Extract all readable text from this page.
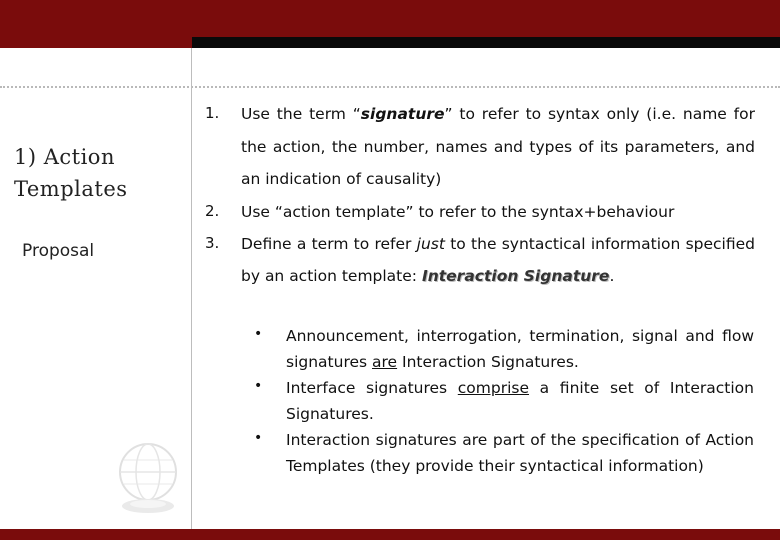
1) Action
Templates
Proposal
1. Use the term “signature” to refer to syntax only (i.e. name for
the action, the number, names and types of its parameters, and
an indication of causality)
2. Use “action template” to refer to the syntax+behaviour
3. Define a term to refer just to the syntactical information specified
by an action template: Interaction Signature.
• Announcement, interrogation, termination, signal and flow
signatures are Interaction Signatures.
• Interface signatures comprise a finite set of Interaction
Signatures.
• Interaction signatures are part of the specification of Action
Templates (they provide their syntactical information)
